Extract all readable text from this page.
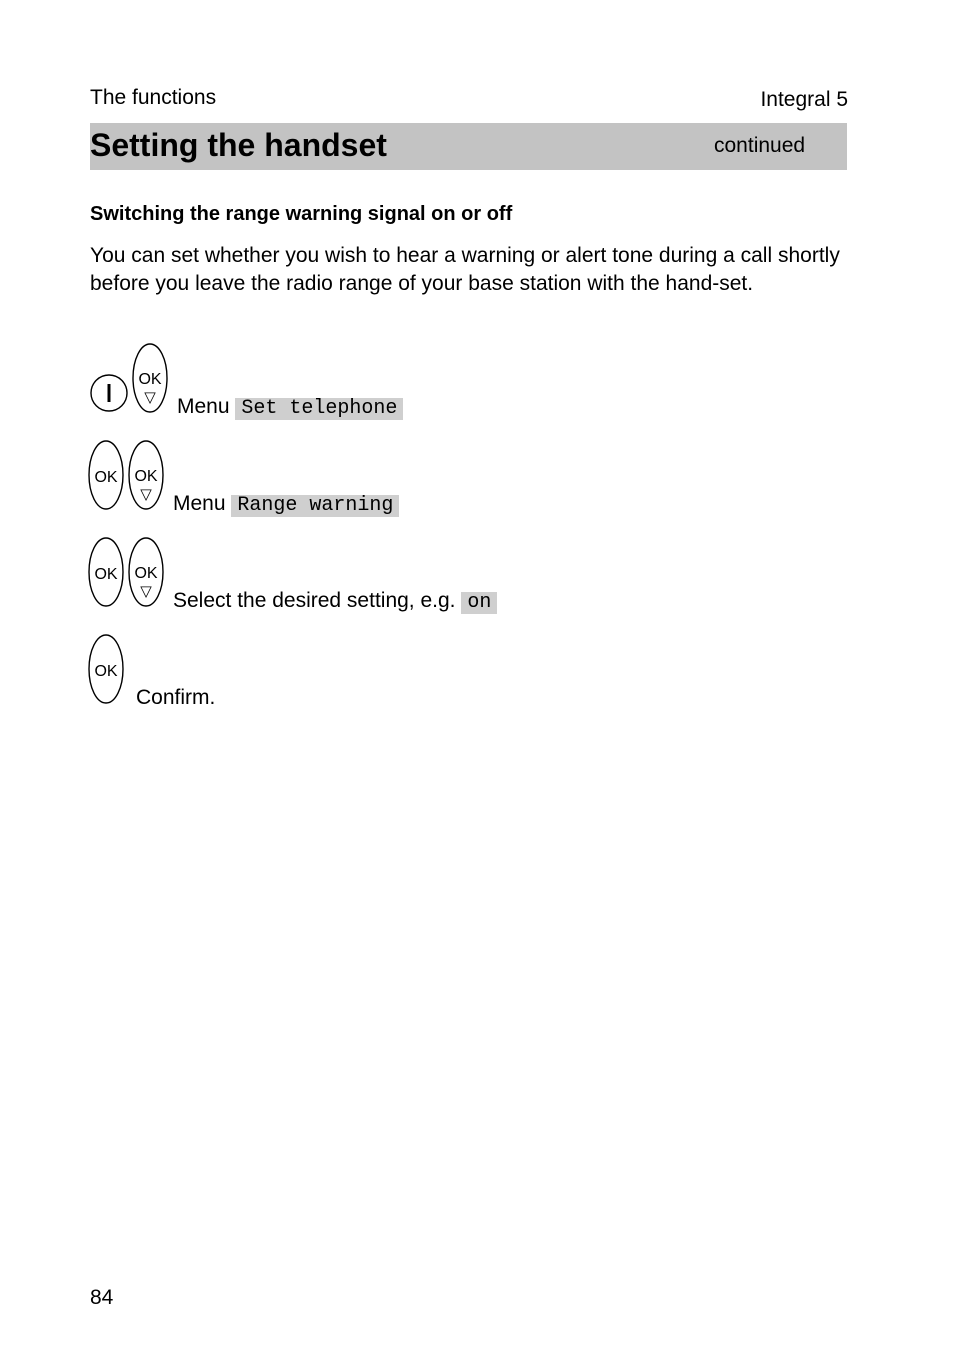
The functions	Integral 5
Setting the handset	continued
Switching the range warning signal on or off
You can set whether you wish to hear a warning or alert tone during a call shortly before you leave the radio range of your base station with the hand-set.
OK
▽ Menu Set telephone
OK OK
▽ Menu Range warning
OK OK
▽ Select the desired setting, e.g. on
OK
Confirm.
84
